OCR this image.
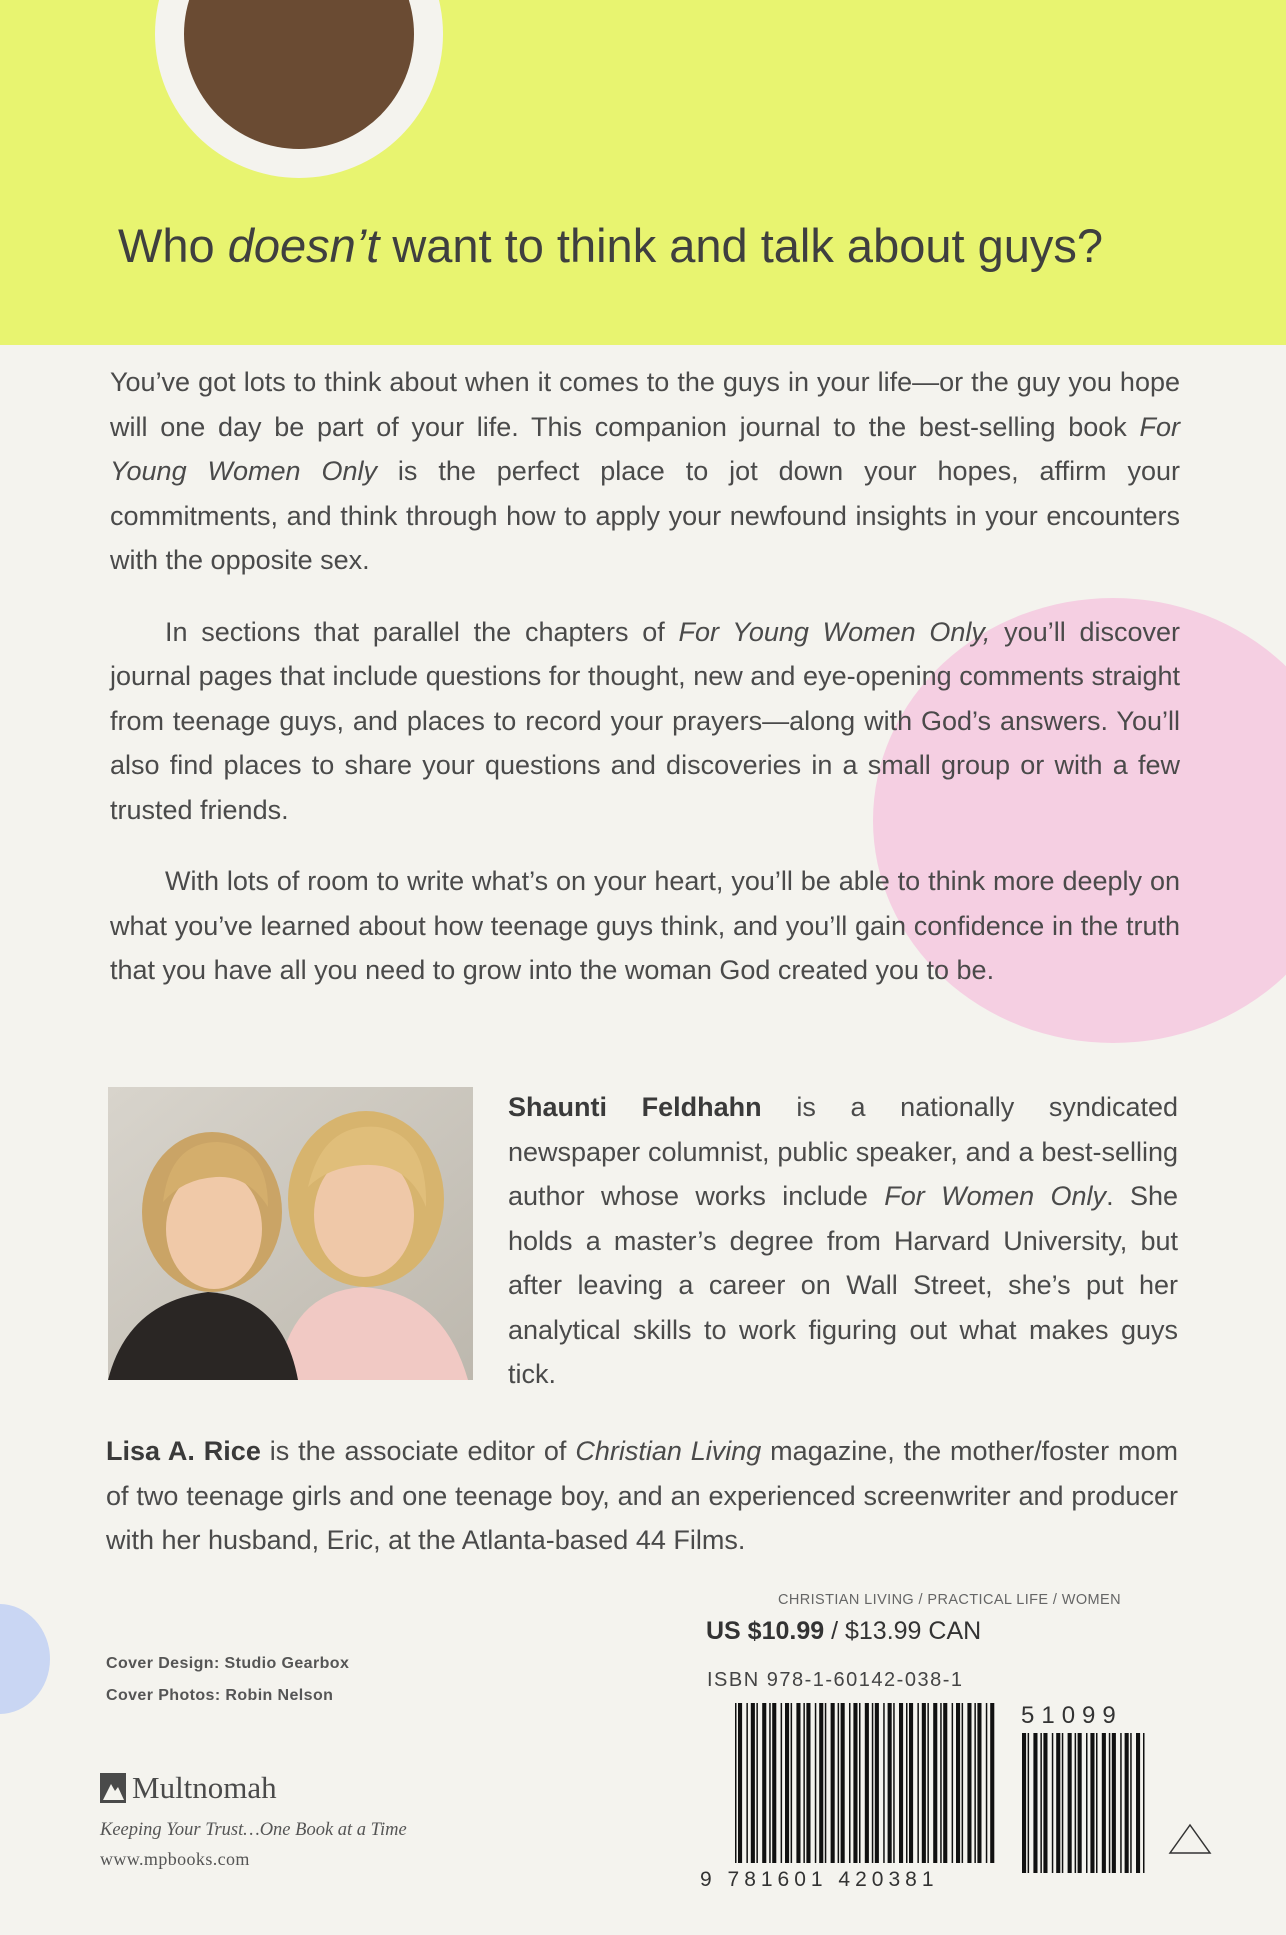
Who doesn’t want to think and talk about guys?

You’ve got lots to think about when it comes to the guys in your life—or the guy you hope will one day be part of your life. This companion journal to the best-selling book For Young Women Only is the perfect place to jot down your hopes, affirm your commitments, and think through how to apply your newfound insights in your encounters with the opposite sex.

In sections that parallel the chapters of For Young Women Only, you’ll discover journal pages that include questions for thought, new and eye-opening comments straight from teenage guys, and places to record your prayers—along with God’s answers. You’ll also find places to share your questions and discoveries in a small group or with a few trusted friends.

With lots of room to write what’s on your heart, you’ll be able to think more deeply on what you’ve learned about how teenage guys think, and you’ll gain confidence in the truth that you have all you need to grow into the woman God created you to be.

Shaunti Feldhahn is a nationally syndicated newspaper columnist, public speaker, and a best-selling author whose works include For Women Only. She holds a master’s degree from Harvard University, but after leaving a career on Wall Street, she’s put her analytical skills to work figuring out what makes guys tick.
Lisa A. Rice is the associate editor of Christian Living magazine, the mother/foster mom of two teenage girls and one teenage boy, and an experienced screenwriter and producer with her husband, Eric, at the Atlanta-based 44 Films.
Cover Design: Studio Gearbox
Cover Photos: Robin Nelson
CHRISTIAN LIVING / PRACTICAL LIFE / WOMEN
US $10.99 / $13.99 CAN
ISBN 978-1-60142-038-1
9 781601 420381
51099
Multnomah
Keeping Your Trust…One Book at a Time
www.mpbooks.com
